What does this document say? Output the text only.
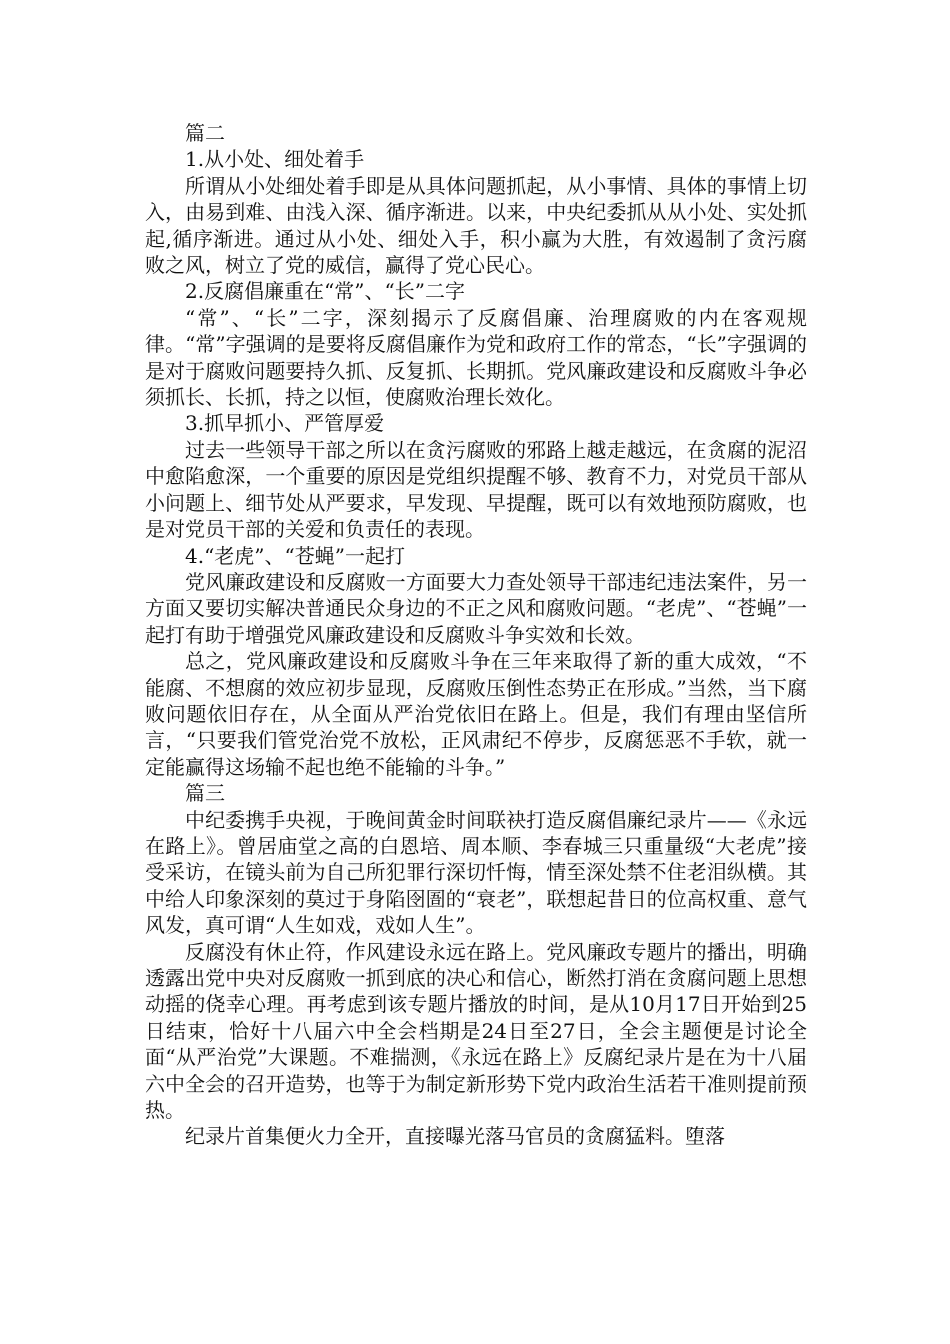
篇二

1.从小处、细处着手

所谓从小处细处着手即是从具体问题抓起，从小事情、具体的事情上切入，由易到难、由浅入深、循序渐进。以来，中央纪委抓从从小处、实处抓起,循序渐进。通过从小处、细处入手，积小赢为大胜，有效遏制了贪污腐败之风，树立了党的威信，赢得了党心民心。

2.反腐倡廉重在“常”、“长”二字

“常”、“长”二字，深刻揭示了反腐倡廉、治理腐败的内在客观规律。“常”字强调的是要将反腐倡廉作为党和政府工作的常态，“长”字强调的是对于腐败问题要持久抓、反复抓、长期抓。党风廉政建设和反腐败斗争必须抓长、长抓，持之以恒，使腐败治理长效化。

3.抓早抓小、严管厚爱

过去一些领导干部之所以在贪污腐败的邪路上越走越远，在贪腐的泥沼中愈陷愈深，一个重要的原因是党组织提醒不够、教育不力，对党员干部从小问题上、细节处从严要求，早发现、早提醒，既可以有效地预防腐败，也是对党员干部的关爱和负责任的表现。

4.“老虎”、“苍蝇”一起打

党风廉政建设和反腐败一方面要大力查处领导干部违纪违法案件，另一方面又要切实解决普通民众身边的不正之风和腐败问题。“老虎”、“苍蝇”一起打有助于增强党风廉政建设和反腐败斗争实效和长效。

总之，党风廉政建设和反腐败斗争在三年来取得了新的重大成效，“不能腐、不想腐的效应初步显现，反腐败压倒性态势正在形成。”当然，当下腐败问题依旧存在，从全面从严治党依旧在路上。但是，我们有理由坚信所言，“只要我们管党治党不放松，正风肃纪不停步，反腐惩恶不手软，就一定能赢得这场输不起也绝不能输的斗争。”

篇三

中纪委携手央视，于晚间黄金时间联袂打造反腐倡廉纪录片——《永远在路上》。曾居庙堂之高的白恩培、周本顺、李春城三只重量级“大老虎”接受采访，在镜头前为自己所犯罪行深切忏悔，情至深处禁不住老泪纵横。其中给人印象深刻的莫过于身陷囹圄的“衰老”，联想起昔日的位高权重、意气风发，真可谓“人生如戏，戏如人生”。

反腐没有休止符，作风建设永远在路上。党风廉政专题片的播出，明确透露出党中央对反腐败一抓到底的决心和信心，断然打消在贪腐问题上思想动摇的侥幸心理。再考虑到该专题片播放的时间，是从10月17日开始到25日结束，恰好十八届六中全会档期是24日至27日，全会主题便是讨论全面“从严治党”大课题。不难揣测，《永远在路上》反腐纪录片是在为十八届六中全会的召开造势，也等于为制定新形势下党内政治生活若干准则提前预热。

纪录片首集便火力全开，直接曝光落马官员的贪腐猛料。堕落
